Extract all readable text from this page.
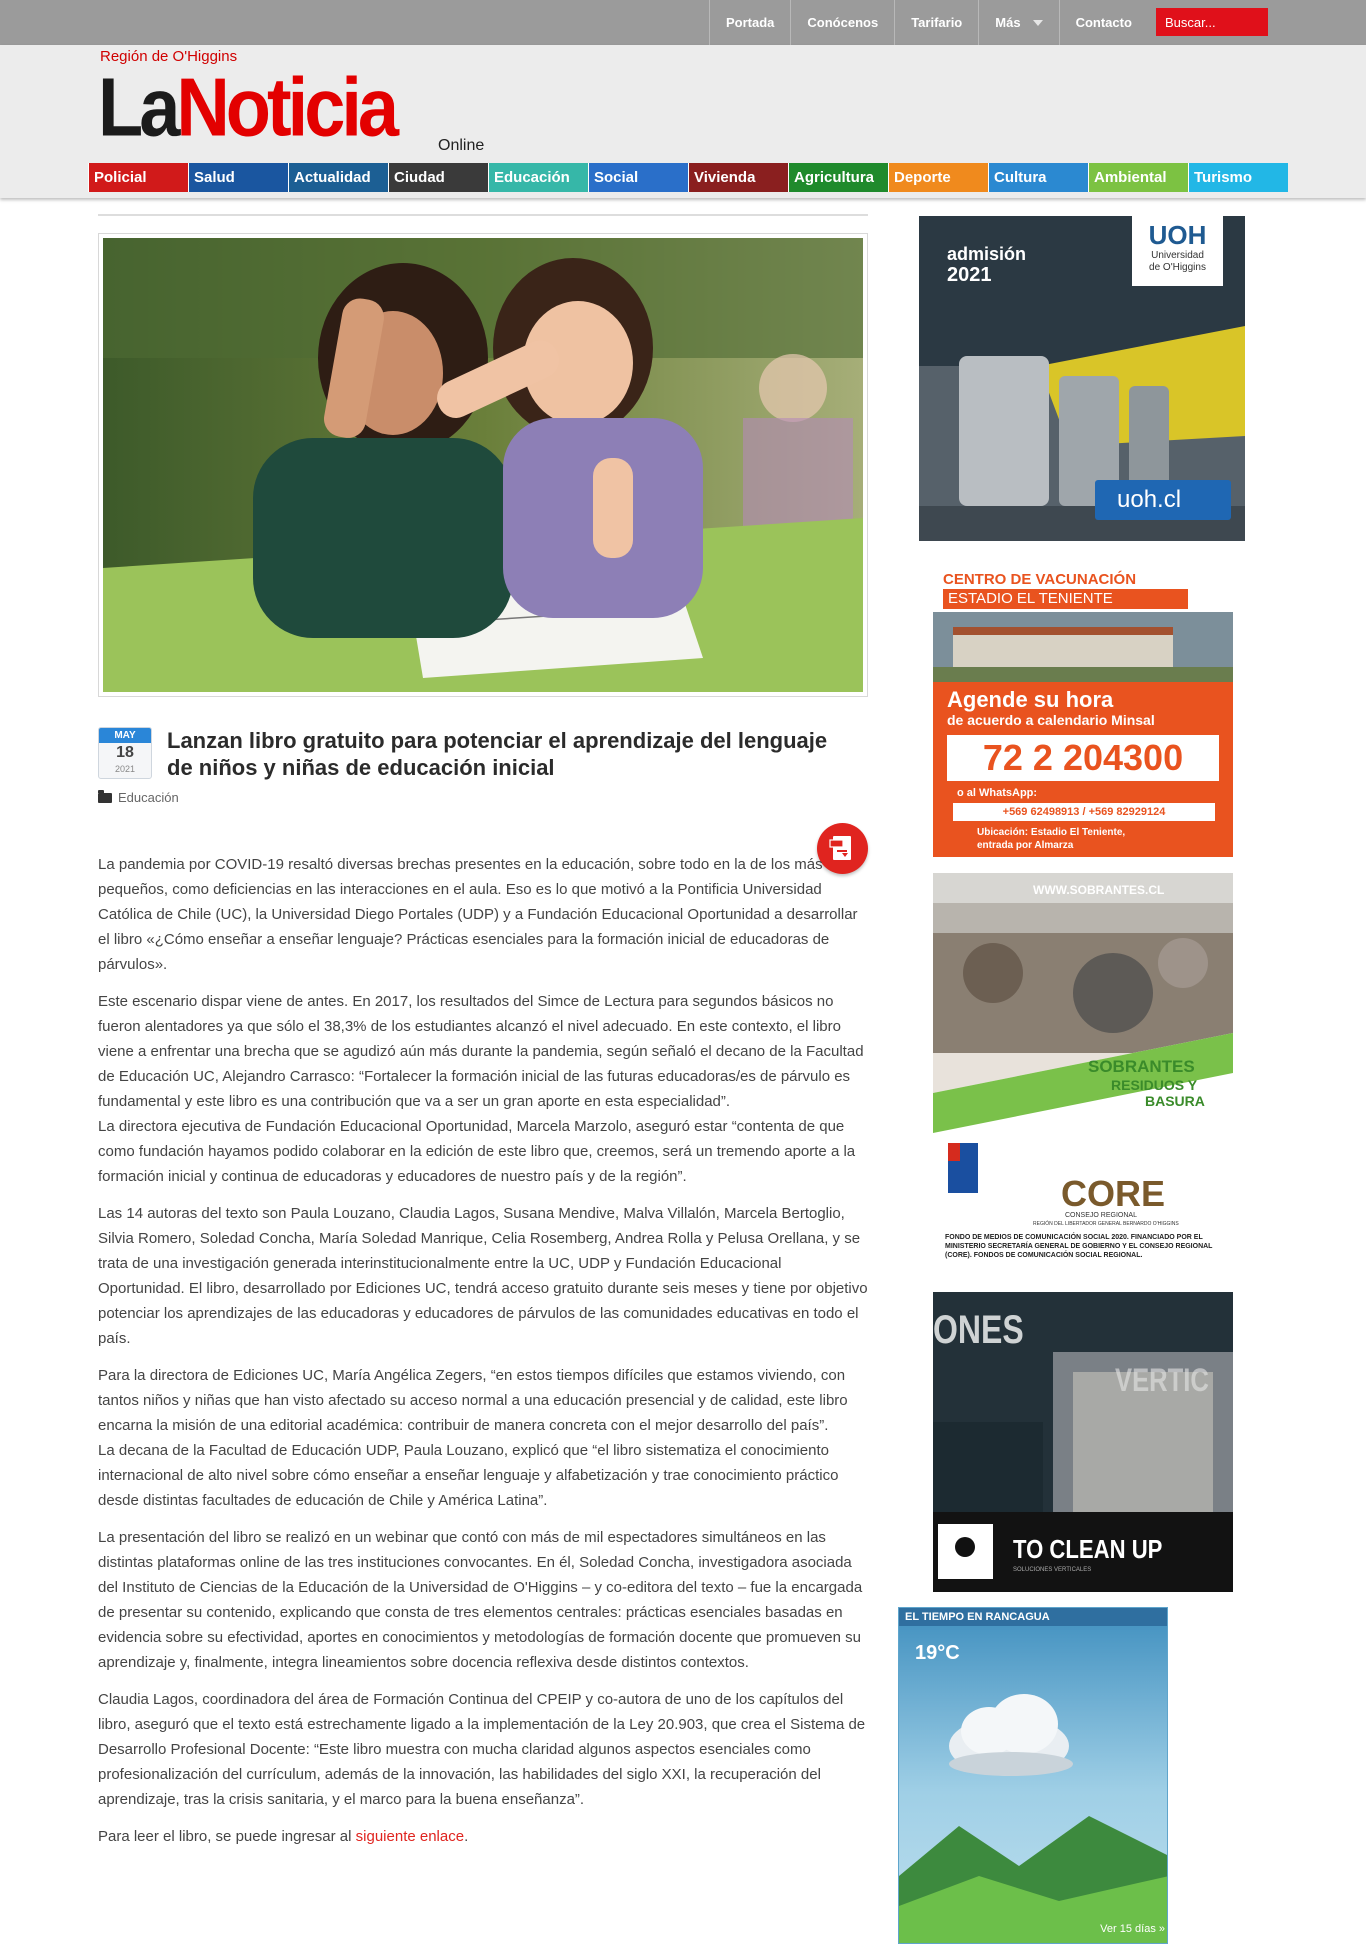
Portada	Conócenos	Tarifario	Más	Contacto
Buscar...
Región de O'Higgins
LaNoticia	Online
Policial	Salud	Actualidad	Ciudad	Educación	Social	Vivienda	Agricultura	Deporte	Cultura	Ambiental	Turismo
MAY
18
2021
Lanzan libro gratuito para potenciar el aprendizaje del lenguaje de niños y niñas de educación inicial
Educación

La pandemia por COVID-19 resaltó diversas brechas presentes en la educación, sobre todo en la de los más pequeños, como deficiencias en las interacciones en el aula. Eso es lo que motivó a la Pontificia Universidad Católica de Chile (UC), la Universidad Diego Portales (UDP) y a Fundación Educacional Oportunidad a desarrollar el libro «¿Cómo enseñar a enseñar lenguaje? Prácticas esenciales para la formación inicial de educadoras de párvulos».

Este escenario dispar viene de antes. En 2017, los resultados del Simce de Lectura para segundos básicos no fueron alentadores ya que sólo el 38,3% de los estudiantes alcanzó el nivel adecuado. En este contexto, el libro viene a enfrentar una brecha que se agudizó aún más durante la pandemia, según señaló el decano de la Facultad de Educación UC, Alejandro Carrasco: “Fortalecer la formación inicial de las futuras educadoras/es de párvulo es fundamental y este libro es una contribución que va a ser un gran aporte en esta especialidad”.

La directora ejecutiva de Fundación Educacional Oportunidad, Marcela Marzolo, aseguró estar “contenta de que como fundación hayamos podido colaborar en la edición de este libro que, creemos, será un tremendo aporte a la formación inicial y continua de educadoras y educadores de nuestro país y de la región”.

Las 14 autoras del texto son Paula Louzano, Claudia Lagos, Susana Mendive, Malva Villalón, Marcela Bertoglio, Silvia Romero, Soledad Concha, María Soledad Manrique, Celia Rosemberg, Andrea Rolla y Pelusa Orellana, y se trata de una investigación generada interinstitucionalmente entre la UC, UDP y Fundación Educacional Oportunidad. El libro, desarrollado por Ediciones UC, tendrá acceso gratuito durante seis meses y tiene por objetivo potenciar los aprendizajes de las educadoras y educadores de párvulos de las comunidades educativas en todo el país.

Para la directora de Ediciones UC, María Angélica Zegers, “en estos tiempos difíciles que estamos viviendo, con tantos niños y niñas que han visto afectado su acceso normal a una educación presencial y de calidad, este libro encarna la misión de una editorial académica: contribuir de manera concreta con el mejor desarrollo del país”.

La decana de la Facultad de Educación UDP, Paula Louzano, explicó que “el libro sistematiza el conocimiento internacional de alto nivel sobre cómo enseñar a enseñar lenguaje y alfabetización y trae conocimiento práctico desde distintas facultades de educación de Chile y América Latina”.

La presentación del libro se realizó en un webinar que contó con más de mil espectadores simultáneos en las distintas plataformas online de las tres instituciones convocantes. En él, Soledad Concha, investigadora asociada del Instituto de Ciencias de la Educación de la Universidad de O'Higgins – y co-editora del texto – fue la encargada de presentar su contenido, explicando que consta de tres elementos centrales: prácticas esenciales basadas en evidencia sobre su efectividad, aportes en conocimientos y metodologías de formación docente que promueven su aprendizaje y, finalmente, integra lineamientos sobre docencia reflexiva desde distintos contextos.

Claudia Lagos, coordinadora del área de Formación Continua del CPEIP y co-autora de uno de los capítulos del libro, aseguró que el texto está estrechamente ligado a la implementación de la Ley 20.903, que crea el Sistema de Desarrollo Profesional Docente: “Este libro muestra con mucha claridad algunos aspectos esenciales como profesionalización del currículum, además de la innovación, las habilidades del siglo XXI, la recuperación del aprendizaje, tras la crisis sanitaria, y el marco para la buena enseñanza”.

Para leer el libro, se puede ingresar al siguiente enlace.

admisión
2021
UOH
Universidad
de O'Higgins
uoh.cl
CENTRO DE VACUNACIÓN
ESTADIO EL TENIENTE
Agende su hora
de acuerdo a calendario Minsal
72 2 204300
o al WhatsApp:
+569 62498913 / +569 82929124
Ubicación: Estadio El Teniente,
entrada por Almarza
WWW.SOBRANTES.CL
SOBRANTES
RESIDUOS Y
BASURA
CORE
CONSEJO REGIONAL
REGIÓN DEL LIBERTADOR GENERAL BERNARDO O'HIGGINS
FONDO DE MEDIOS DE COMUNICACIÓN SOCIAL 2020. FINANCIADO POR EL MINISTERIO SECRETARÍA GENERAL DE GOBIERNO Y EL CONSEJO REGIONAL (CORE). FONDOS DE COMUNICACIÓN SOCIAL REGIONAL.
ONES
VERTIC
TO CLEAN UP
SOLUCIONES VERTICALES
EL TIEMPO EN RANCAGUA
19°C
Ver 15 días »
